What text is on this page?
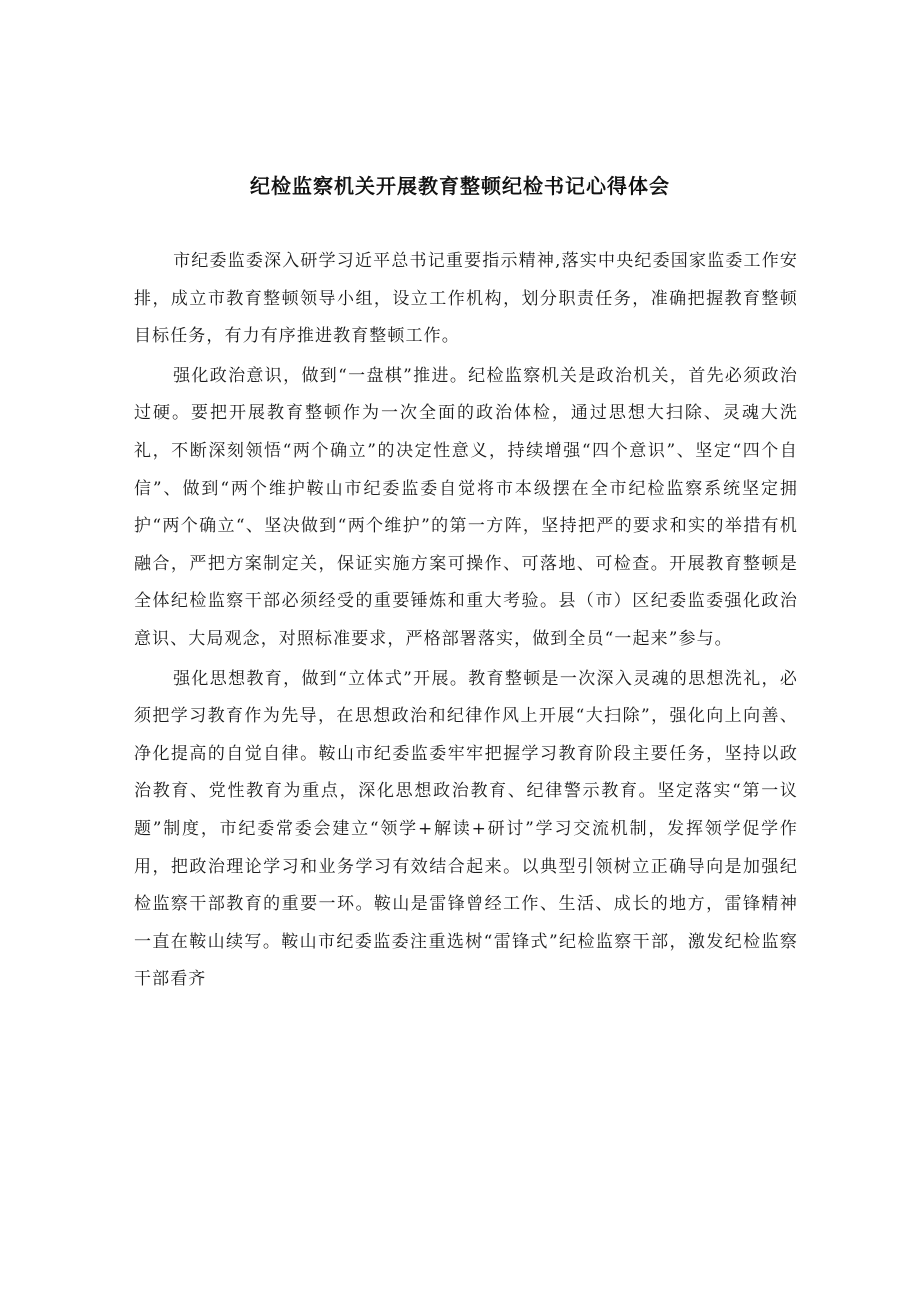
纪检监察机关开展教育整顿纪检书记心得体会

市纪委监委深入研学习近平总书记重要指示精神,落实中央纪委国家监委工作安排，成立市教育整顿领导小组，设立工作机构，划分职责任务，准确把握教育整顿目标任务，有力有序推进教育整顿工作。

强化政治意识，做到“一盘棋”推进。纪检监察机关是政治机关，首先必须政治过硬。要把开展教育整顿作为一次全面的政治体检，通过思想大扫除、灵魂大洗礼，不断深刻领悟“两个确立”的决定性意义，持续增强“四个意识”、坚定“四个自信”、做到“两个维护鞍山市纪委监委自觉将市本级摆在全市纪检监察系统坚定拥护“两个确立“、坚决做到“两个维护”的第一方阵，坚持把严的要求和实的举措有机融合，严把方案制定关，保证实施方案可操作、可落地、可检查。开展教育整顿是全体纪检监察干部必须经受的重要锤炼和重大考验。县（市）区纪委监委强化政治意识、大局观念，对照标准要求，严格部署落实，做到全员“一起来”参与。

强化思想教育，做到“立体式”开展。教育整顿是一次深入灵魂的思想洗礼，必须把学习教育作为先导，在思想政治和纪律作风上开展“大扫除”，强化向上向善、净化提高的自觉自律。鞍山市纪委监委牢牢把握学习教育阶段主要任务，坚持以政治教育、党性教育为重点，深化思想政治教育、纪律警示教育。坚定落实“第一议题”制度，市纪委常委会建立“领学+解读+研讨”学习交流机制，发挥领学促学作用，把政治理论学习和业务学习有效结合起来。以典型引领树立正确导向是加强纪检监察干部教育的重要一环。鞍山是雷锋曾经工作、生活、成长的地方，雷锋精神一直在鞍山续写。鞍山市纪委监委注重选树“雷锋式”纪检监察干部，激发纪检监察干部看齐
